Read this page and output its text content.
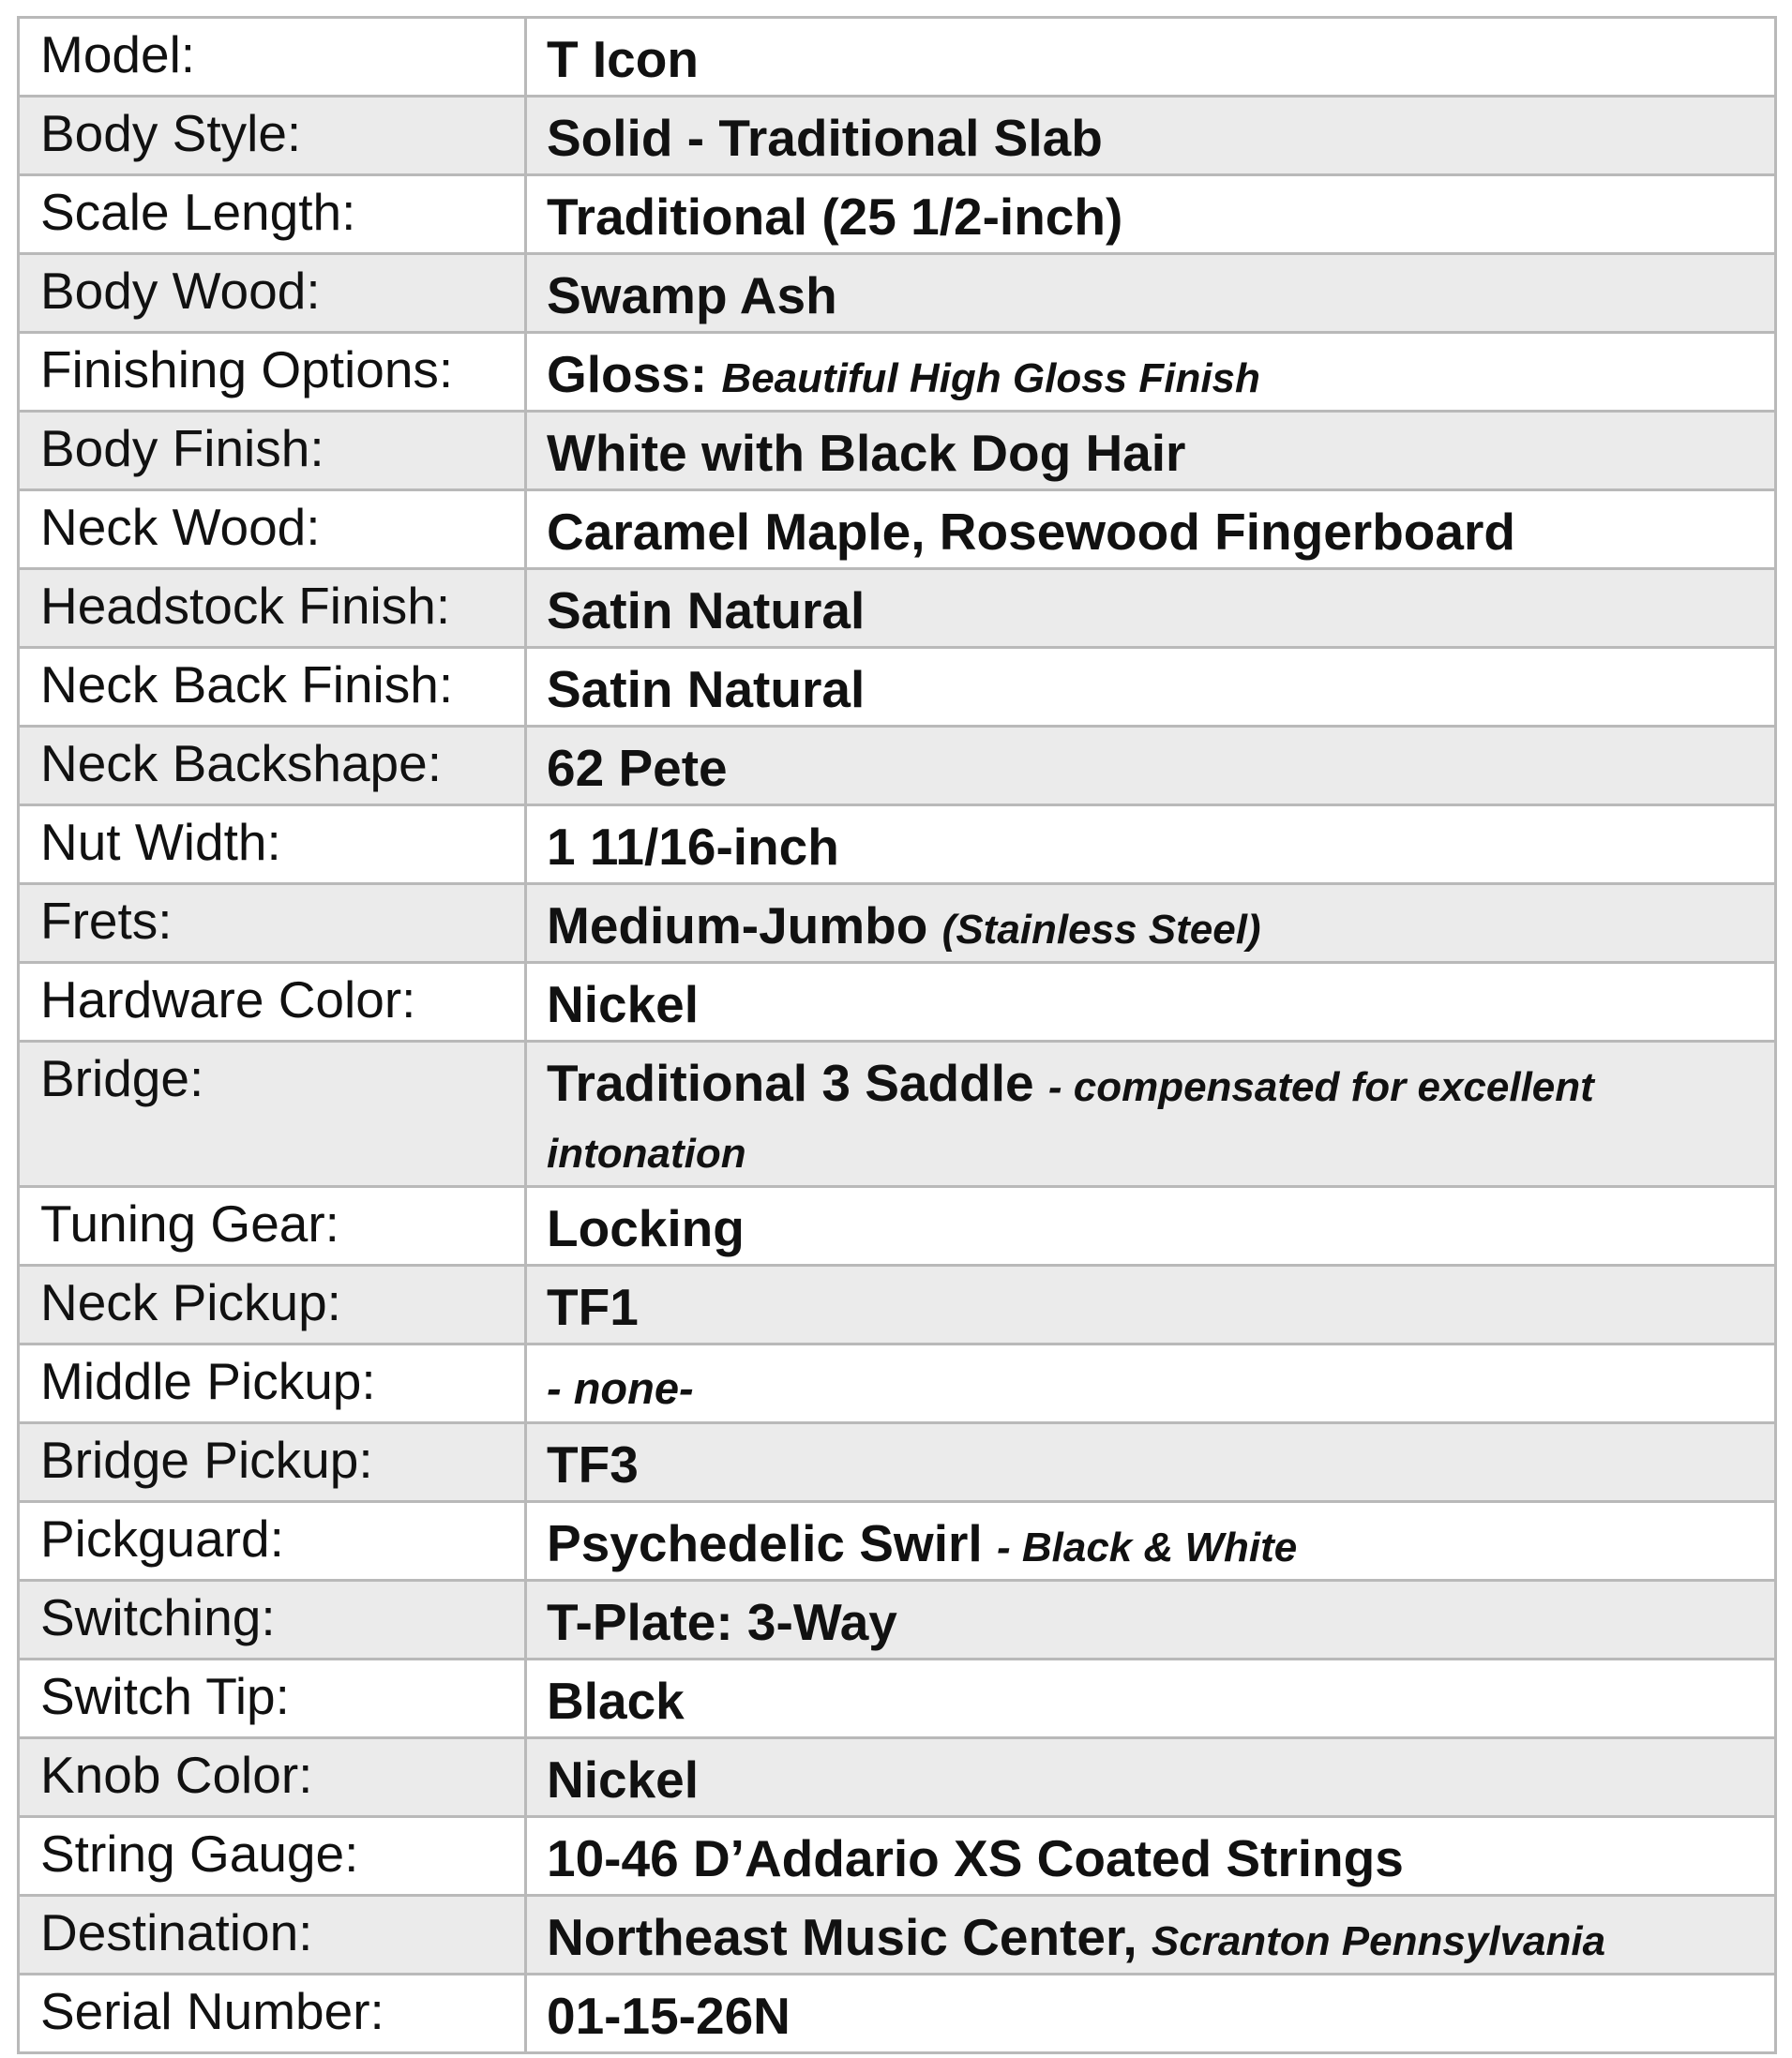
Model:	T Icon

Body Style:	Solid - Traditional Slab

Scale Length:	Traditional (25 1/2-inch)

Body Wood:	Swamp Ash

Finishing Options:	Gloss: Beautiful High Gloss Finish

Body Finish:	White with Black Dog Hair

Neck Wood:	Caramel Maple, Rosewood Fingerboard

Headstock Finish:	Satin Natural

Neck Back Finish:	Satin Natural

Neck Backshape:	62 Pete

Nut Width:	1 11/16-inch

Frets:	Medium-Jumbo (Stainless Steel)

Hardware Color:	Nickel

Bridge:	Traditional 3 Saddle - compensated for excellent intonation

Tuning Gear:	Locking

Neck Pickup:	TF1

Middle Pickup:	- none-

Bridge Pickup:	TF3

Pickguard:	Psychedelic Swirl - Black & White

Switching:	T-Plate: 3-Way

Switch Tip:	Black

Knob Color:	Nickel

String Gauge:	10-46 D’Addario XS Coated Strings

Destination:	Northeast Music Center, Scranton Pennsylvania

Serial Number:	01-15-26N
